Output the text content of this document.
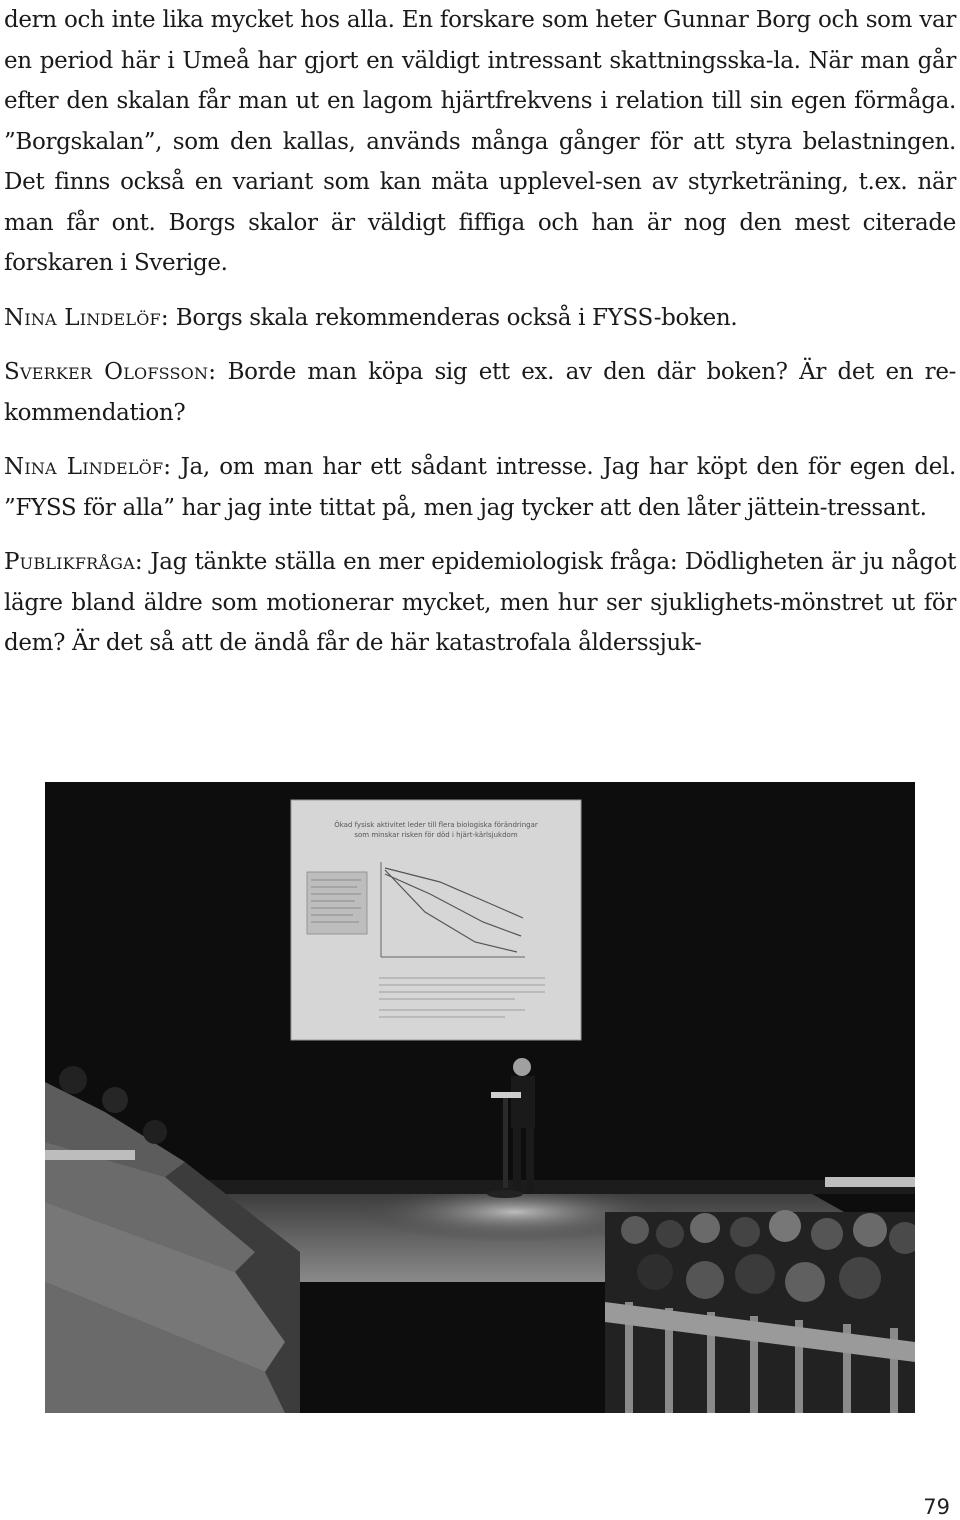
dern och inte lika mycket hos alla. En forskare som heter Gunnar Borg och som var en period här i Umeå har gjort en väldigt intressant skattningsska-la. När man går efter den skalan får man ut en lagom hjärtfrekvens i relation till sin egen förmåga. ”Borgskalan”, som den kallas, används många gånger för att styra belastningen. Det finns också en variant som kan mäta upplevel-sen av styrketräning, t.ex. när man får ont. Borgs skalor är väldigt fiffiga och han är nog den mest citerade forskaren i Sverige.

Nina Lindelöf: Borgs skala rekommenderas också i FYSS-boken.

Sverker Olofsson: Borde man köpa sig ett ex. av den där boken? Är det en re-kommendation?

Nina Lindelöf: Ja, om man har ett sådant intresse. Jag har köpt den för egen del. ”FYSS för alla” har jag inte tittat på, men jag tycker att den låter jättein-tressant.

Publikfråga: Jag tänkte ställa en mer epidemiologisk fråga: Dödligheten är ju något lägre bland äldre som motionerar mycket, men hur ser sjuklighets-mönstret ut för dem? Är det så att de ändå får de här katastrofala ålderssjuk-

Ökad fysisk aktivitet leder till flera biologiska förändringar
som minskar risken för död i hjärt-kärlsjukdom
79
